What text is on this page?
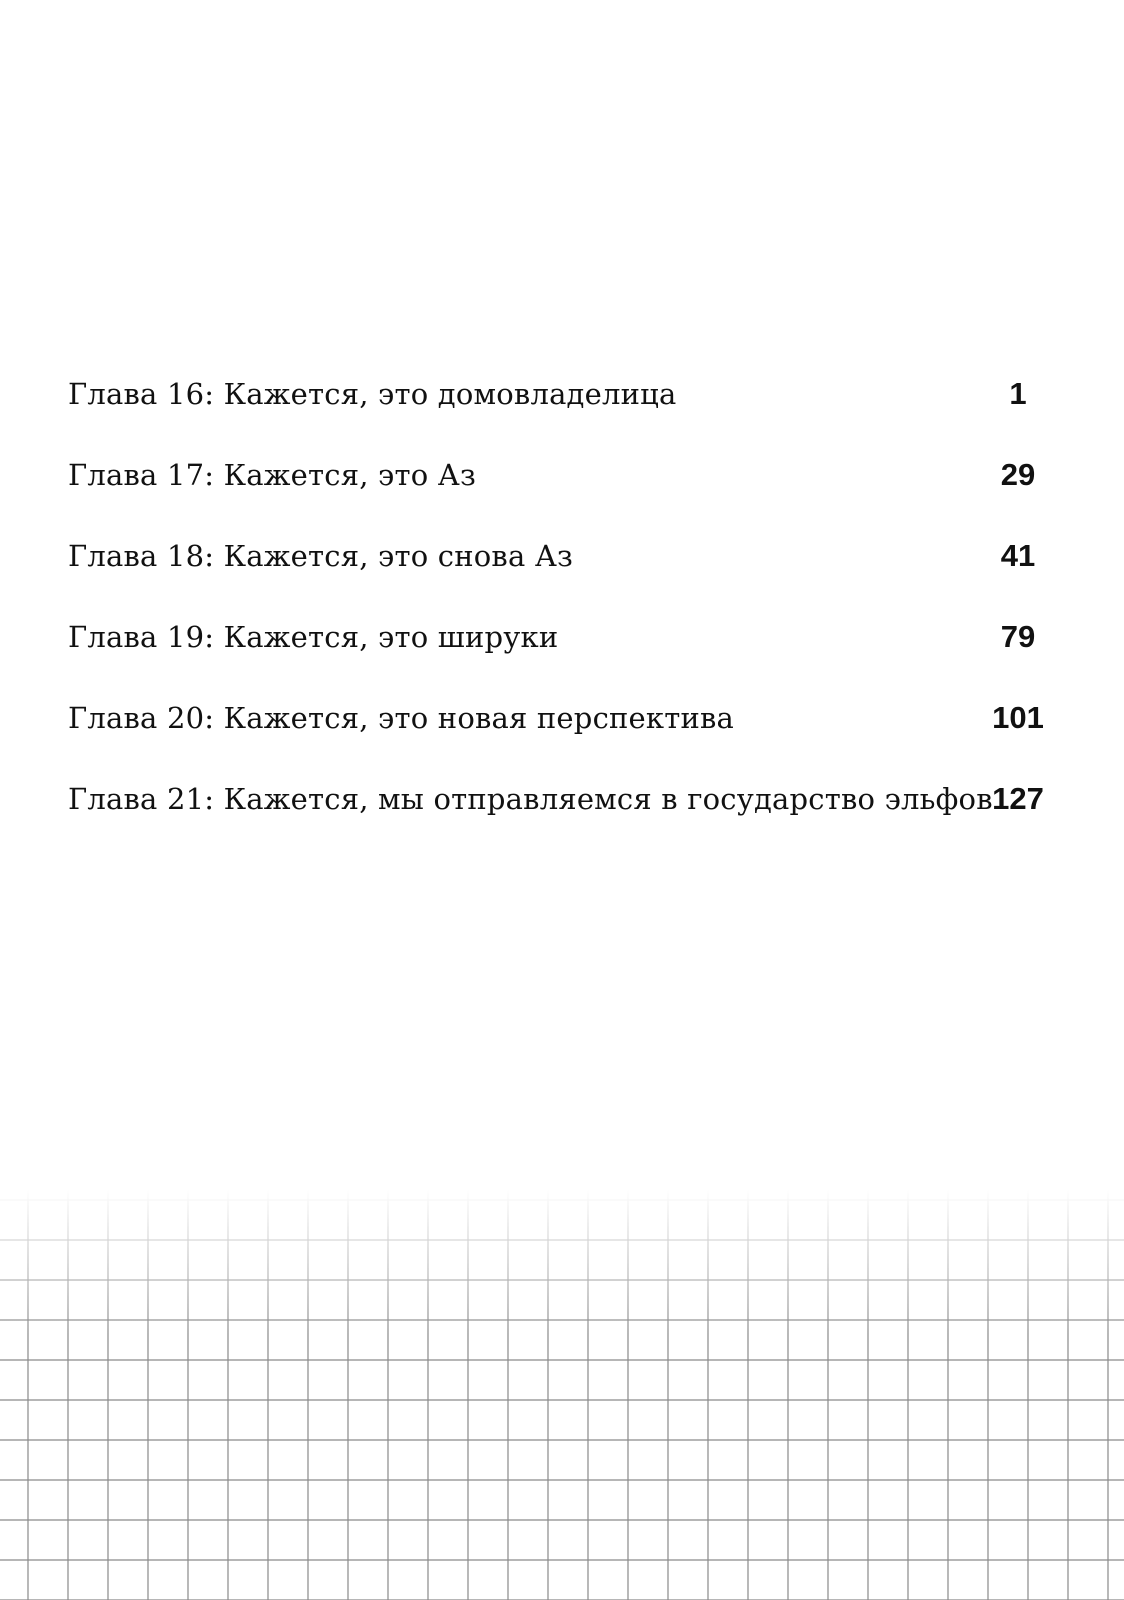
Глава 16: Кажется, это домовладелица	1
Глава 17: Кажется, это Аз	29
Глава 18: Кажется, это снова Аз	41
Глава 19: Кажется, это шируки	79
Глава 20: Кажется, это новая перспектива	101
Глава 21: Кажется, мы отправляемся в государство эльфов 127
